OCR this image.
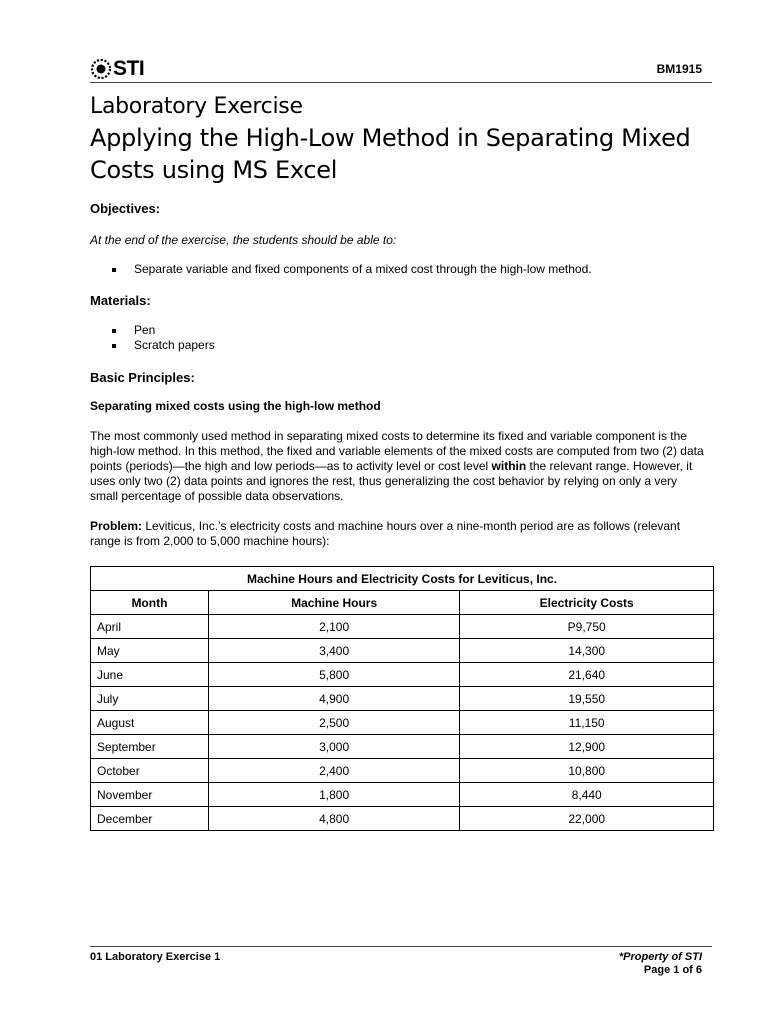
STI	BM1915
Laboratory Exercise
Applying the High-Low Method in Separating Mixed Costs using MS Excel
Objectives:
At the end of the exercise, the students should be able to:
Separate variable and fixed components of a mixed cost through the high-low method.
Materials:
Pen
Scratch papers
Basic Principles:
Separating mixed costs using the high-low method
The most commonly used method in separating mixed costs to determine its fixed and variable component is the high-low method. In this method, the fixed and variable elements of the mixed costs are computed from two (2) data points (periods)—the high and low periods—as to activity level or cost level within the relevant range. However, it uses only two (2) data points and ignores the rest, thus generalizing the cost behavior by relying on only a very small percentage of possible data observations.
Problem: Leviticus, Inc.’s electricity costs and machine hours over a nine-month period are as follows (relevant range is from 2,000 to 5,000 machine hours):
Machine Hours and Electricity Costs for Leviticus, Inc.		
Month	Machine Hours	Electricity Costs
April	2,100	P9,750
May	3,400	14,300
June	5,800	21,640
July	4,900	19,550
August	2,500	11,150
September	3,000	12,900
October	2,400	10,800
November	1,800	8,440
December	4,800	22,000
01 Laboratory Exercise 1	*Property of STI
Page 1 of 6
